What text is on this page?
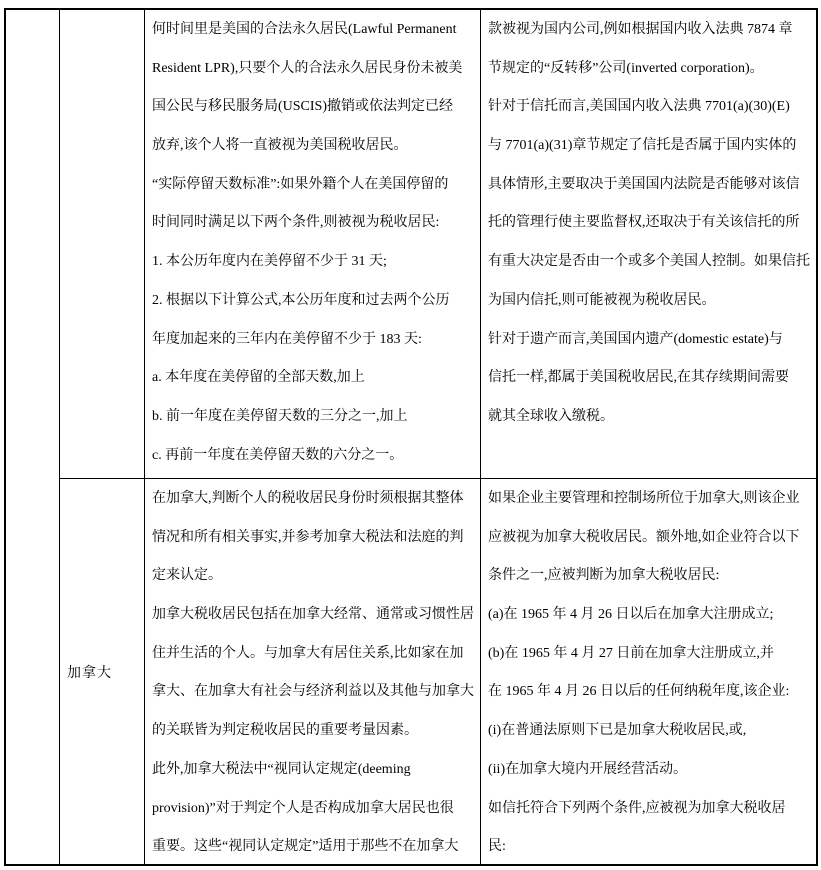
何时间里是美国的合法永久居民(Lawful Permanent
Resident LPR),只要个人的合法永久居民身份未被美
国公民与移民服务局(USCIS)撤销或依法判定已经
放弃,该个人将一直被视为美国税收居民。
“实际停留天数标准”:如果外籍个人在美国停留的
时间同时满足以下两个条件,则被视为税收居民:
1. 本公历年度内在美停留不少于 31 天;
2. 根据以下计算公式,本公历年度和过去两个公历
年度加起来的三年内在美停留不少于 183 天:
a. 本年度在美停留的全部天数,加上
b. 前一年度在美停留天数的三分之一,加上
c. 再前一年度在美停留天数的六分之一。
款被视为国内公司,例如根据国内收入法典 7874 章
节规定的“反转移”公司(inverted corporation)。
针对于信托而言,美国国内收入法典 7701(a)(30)(E)
与 7701(a)(31)章节规定了信托是否属于国内实体的
具体情形,主要取决于美国国内法院是否能够对该信
托的管理行使主要监督权,还取决于有关该信托的所
有重大决定是否由一个或多个美国人控制。如果信托
为国内信托,则可能被视为税收居民。
针对于遗产而言,美国国内遗产(domestic estate)与
信托一样,都属于美国税收居民,在其存续期间需要
就其全球收入缴税。
加拿大
在加拿大,判断个人的税收居民身份时须根据其整体
情况和所有相关事实,并参考加拿大税法和法庭的判
定来认定。
加拿大税收居民包括在加拿大经常、通常或习惯性居
住并生活的个人。与加拿大有居住关系,比如家在加
拿大、在加拿大有社会与经济利益以及其他与加拿大
的关联皆为判定税收居民的重要考量因素。
此外,加拿大税法中“视同认定规定(deeming
provision)”对于判定个人是否构成加拿大居民也很
重要。这些“视同认定规定”适用于那些不在加拿大
如果企业主要管理和控制场所位于加拿大,则该企业
应被视为加拿大税收居民。额外地,如企业符合以下
条件之一,应被判断为加拿大税收居民:
(a)在 1965 年 4 月 26 日以后在加拿大注册成立;
(b)在 1965 年 4 月 27 日前在加拿大注册成立,并
在 1965 年 4 月 26 日以后的任何纳税年度,该企业:
(i)在普通法原则下已是加拿大税收居民,或,
(ii)在加拿大境内开展经营活动。
如信托符合下列两个条件,应被视为加拿大税收居
民:
